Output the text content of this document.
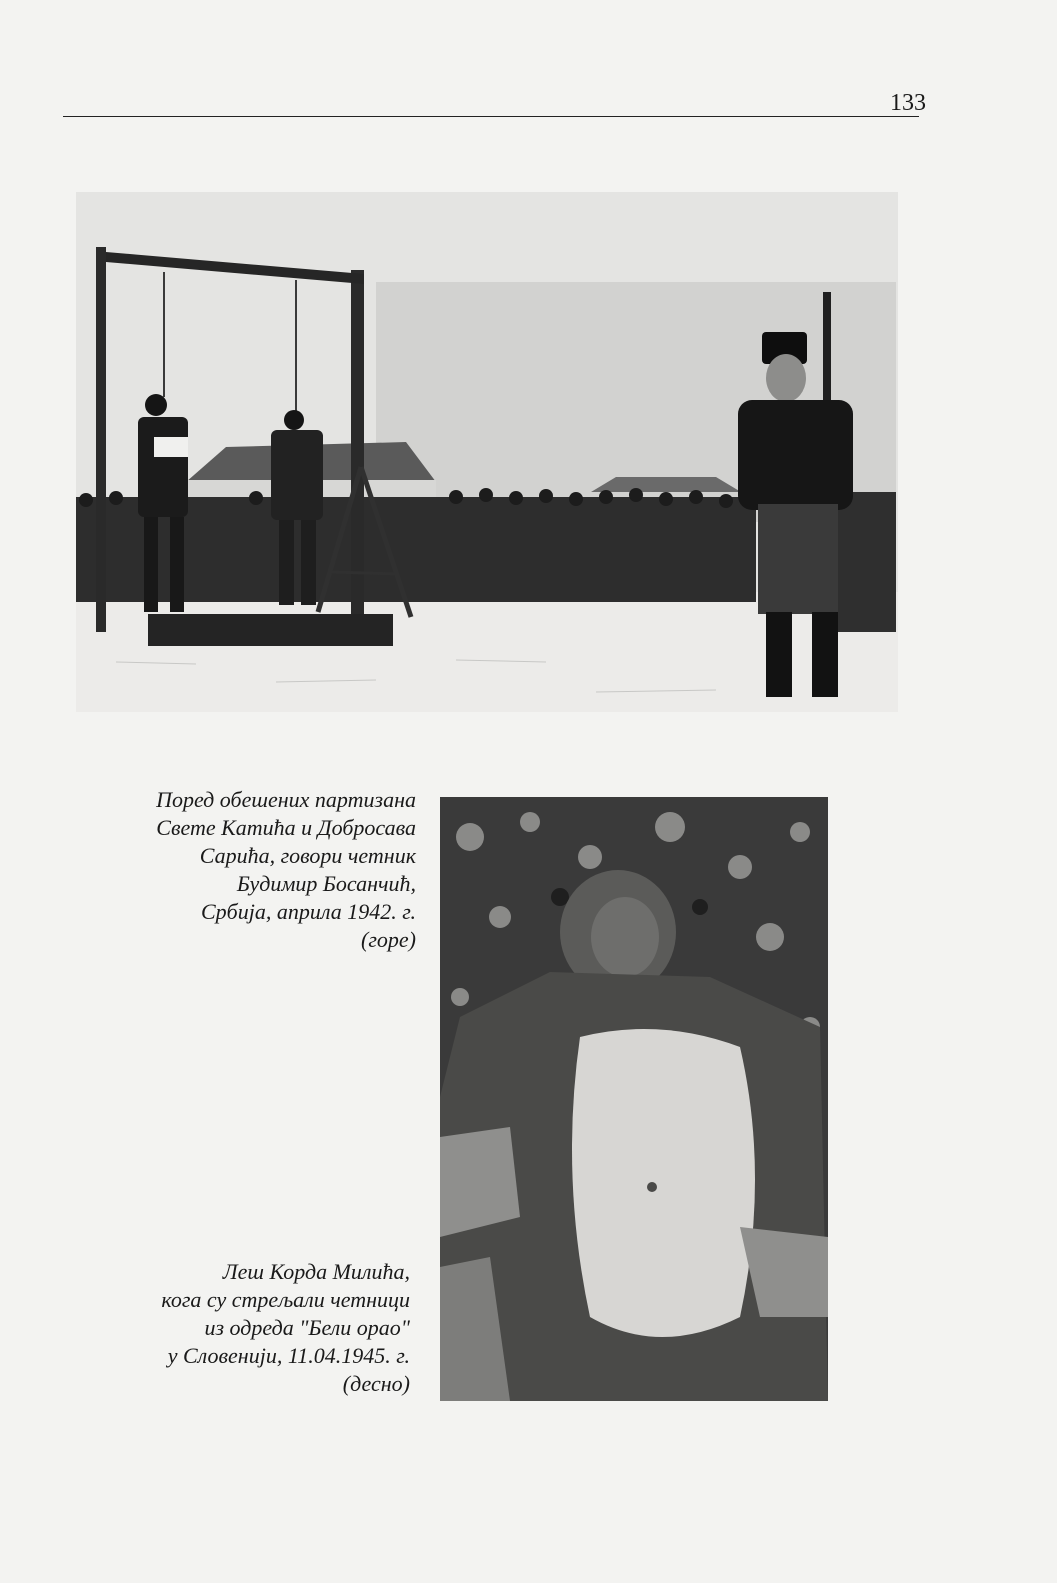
133

Поред обешених партизана
Свете Катића и Добросава
Сарића, говори четник
Будимир Босанчић,
Србија, априла 1942. г.
(горе)

Леш Корда Милића,
кога су стрељали четници
из одреда "Бели орао"
у Словенији, 11.04.1945. г.
(десно)
